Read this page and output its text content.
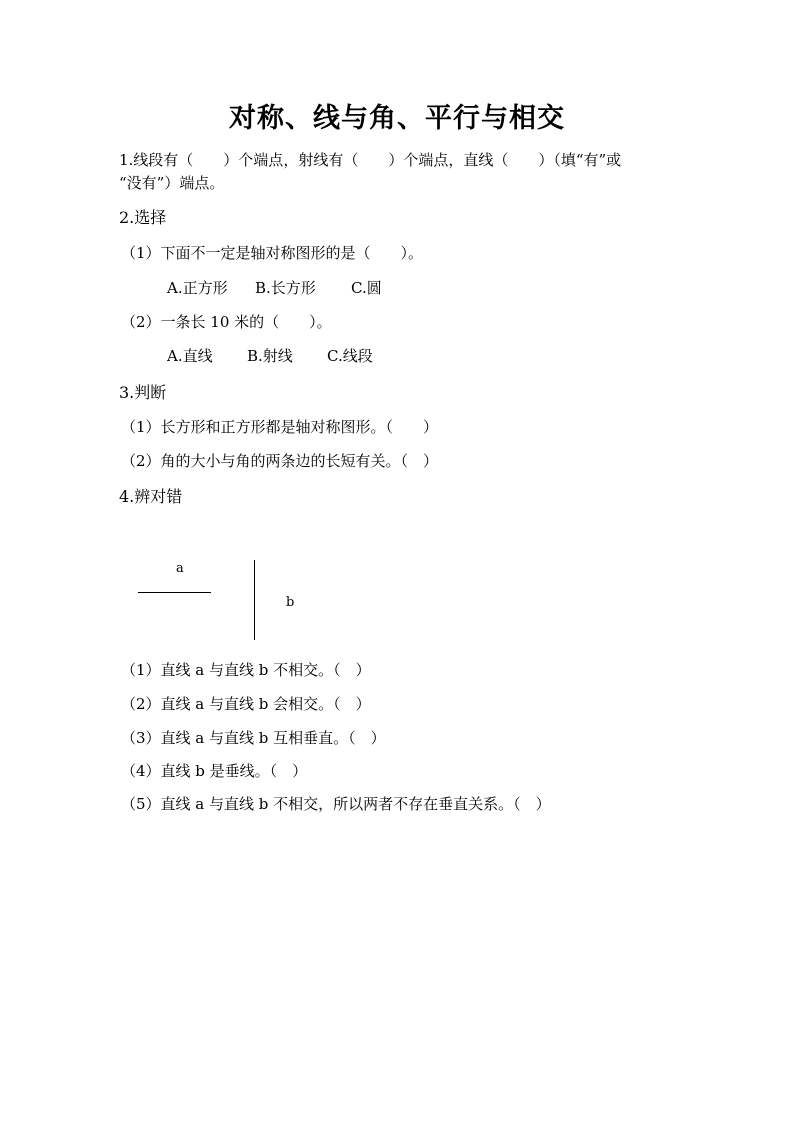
对称、线与角、平行与相交

1.线段有（　　）个端点，射线有（　　）个端点，直线（　　）（填“有”或

“没有”）端点。

2.选择

（1）下面不一定是轴对称图形的是（　　）。

A.正方形 B.长方形 C.圆

（2）一条长 10 米的（　　）。

A.直线 B.射线 C.线段

3.判断

（1）长方形和正方形都是轴对称图形。（　　）

（2）角的大小与角的两条边的长短有关。（　）

4.辨对错

a
b

（1）直线 a 与直线 b 不相交。（　）

（2）直线 a 与直线 b 会相交。（　）

（3）直线 a 与直线 b 互相垂直。（　）

（4）直线 b 是垂线。（　）

（5）直线 a 与直线 b 不相交，所以两者不存在垂直关系。（　）
